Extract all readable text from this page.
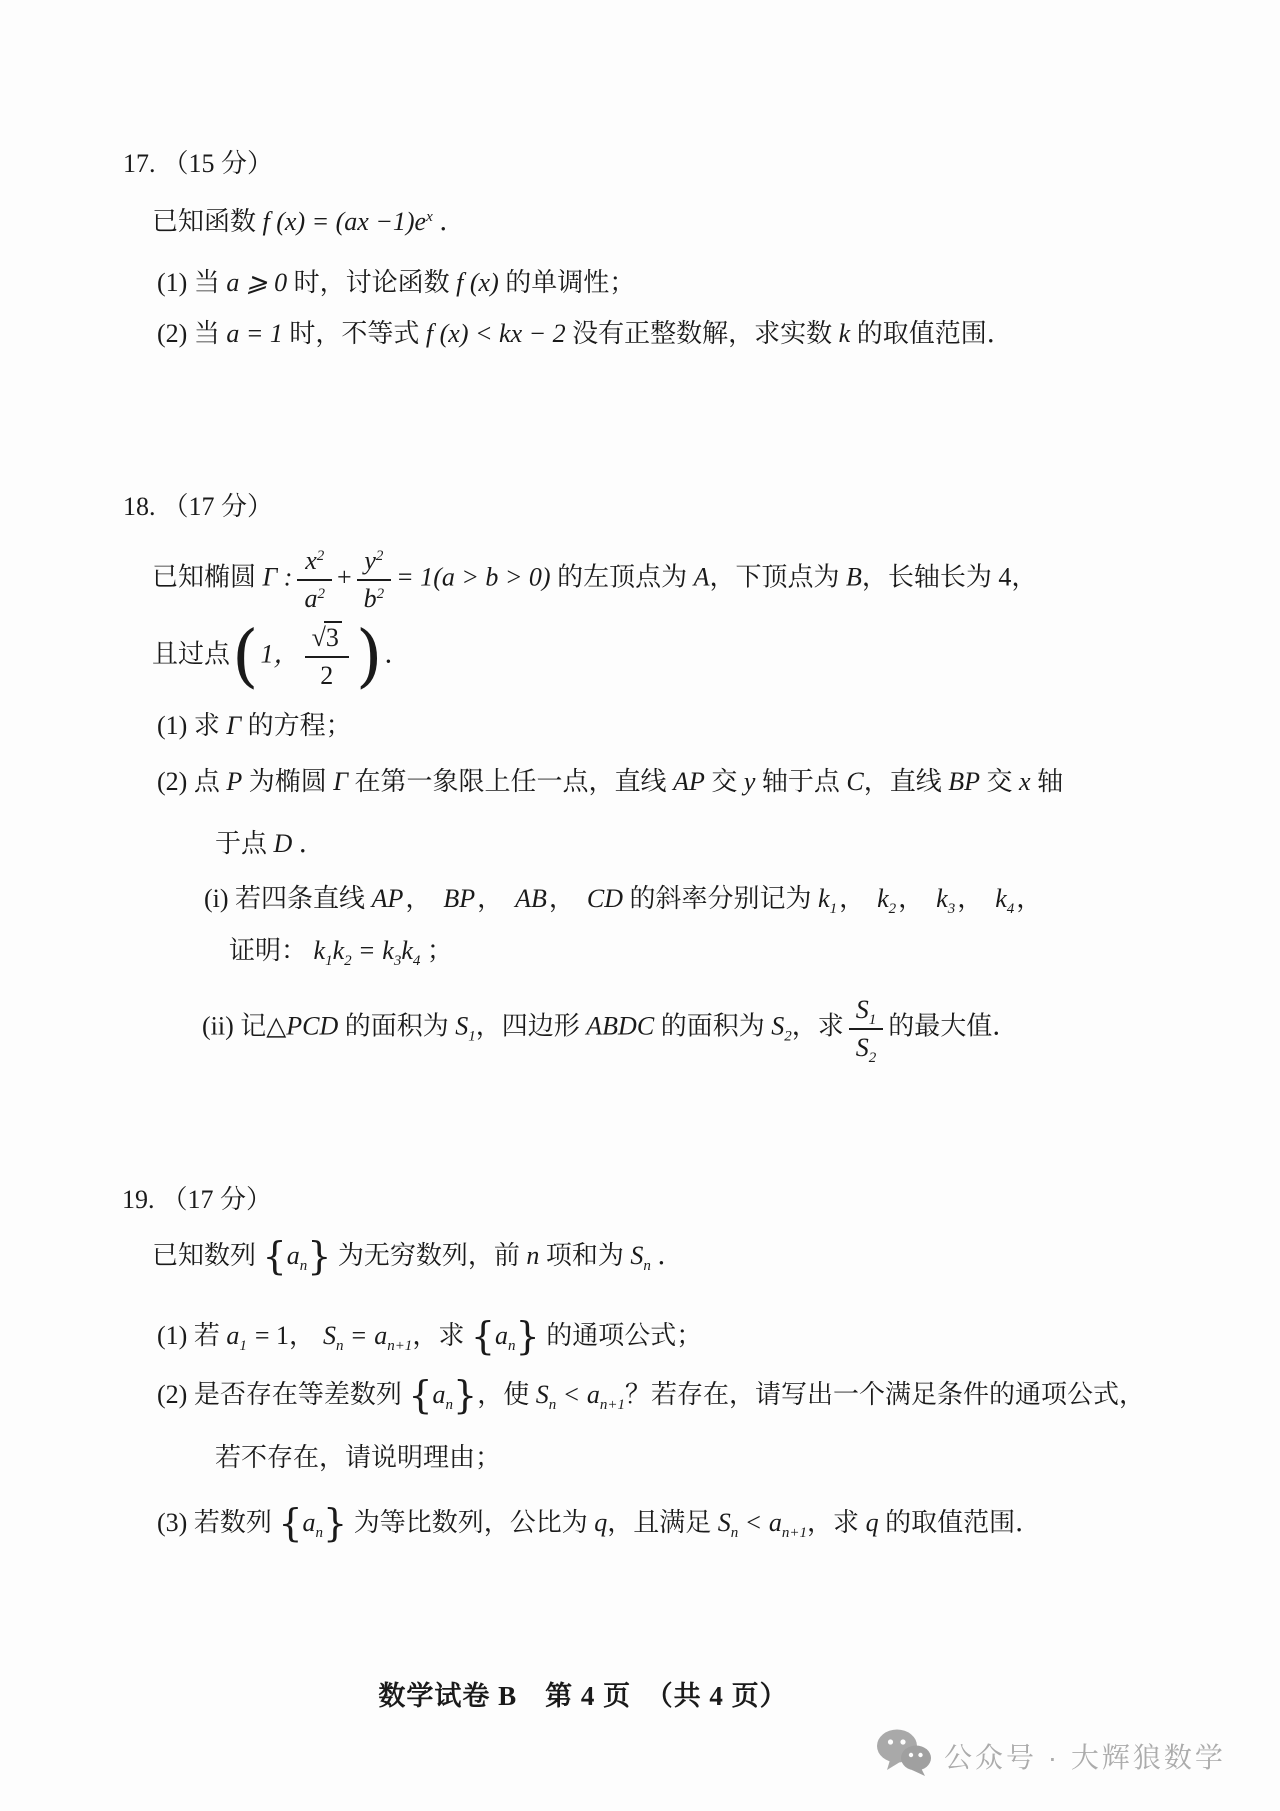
17. （15 分）
已知函数 f $(x) = (ax -1)e^x$ ．
(1) 当 a ⩾ 0 时，讨论函数 f (x) 的单调性；
(2) 当 a = 1 时，不等式 f (x) < kx − 2 没有正整数解，求实数 k 的取值范围．
18. （17 分）
已知椭圆 Γ : $\frac{x^2}{a^2} + \frac{y^2}{b^2} = 1(a > b > 0)$ 的左顶点为 A，下顶点为 B，长轴长为 4，
且过点(1， $\frac{√3}{2}$ )．
(1) 求 Γ 的方程；
(2) 点 P 为椭圆 Γ 在第一象限上任一点，直线 AP 交 y 轴于点 C，直线 BP 交 x 轴
于点 D ．
(i) 若四条直线 AP， BP， AB， CD 的斜率分别记为 $k_1$， $k_2$， $k_3$， $k_4$，
证明： $k_1k_2 = k_3k_4$ ；
(ii) 记△PCD 的面积为 $S_1$，四边形 ABDC 的面积为 $S_2$，求 $\frac{S_1}{S_2}$ 的最大值．
19. （17 分）
已知数列 $\{a_n\}$ 为无穷数列，前 n 项和为 $S_n$ ．
(1) 若 $a_1 = 1$， $S_n = a_{n+1}$，求 $\{a_n\}$ 的通项公式；
(2) 是否存在等差数列 $\{a_n\}$，使 $S_n < a_{n+1}$？若存在，请写出一个满足条件的通项公式，
若不存在，请说明理由；
(3) 若数列 $\{a_n\}$ 为等比数列，公比为 q，且满足 $S_n < a_{n+1}$，求 q 的取值范围．
数学试卷 B　第 4 页　（共 4 页）
公众号 · 大辉狼数学
